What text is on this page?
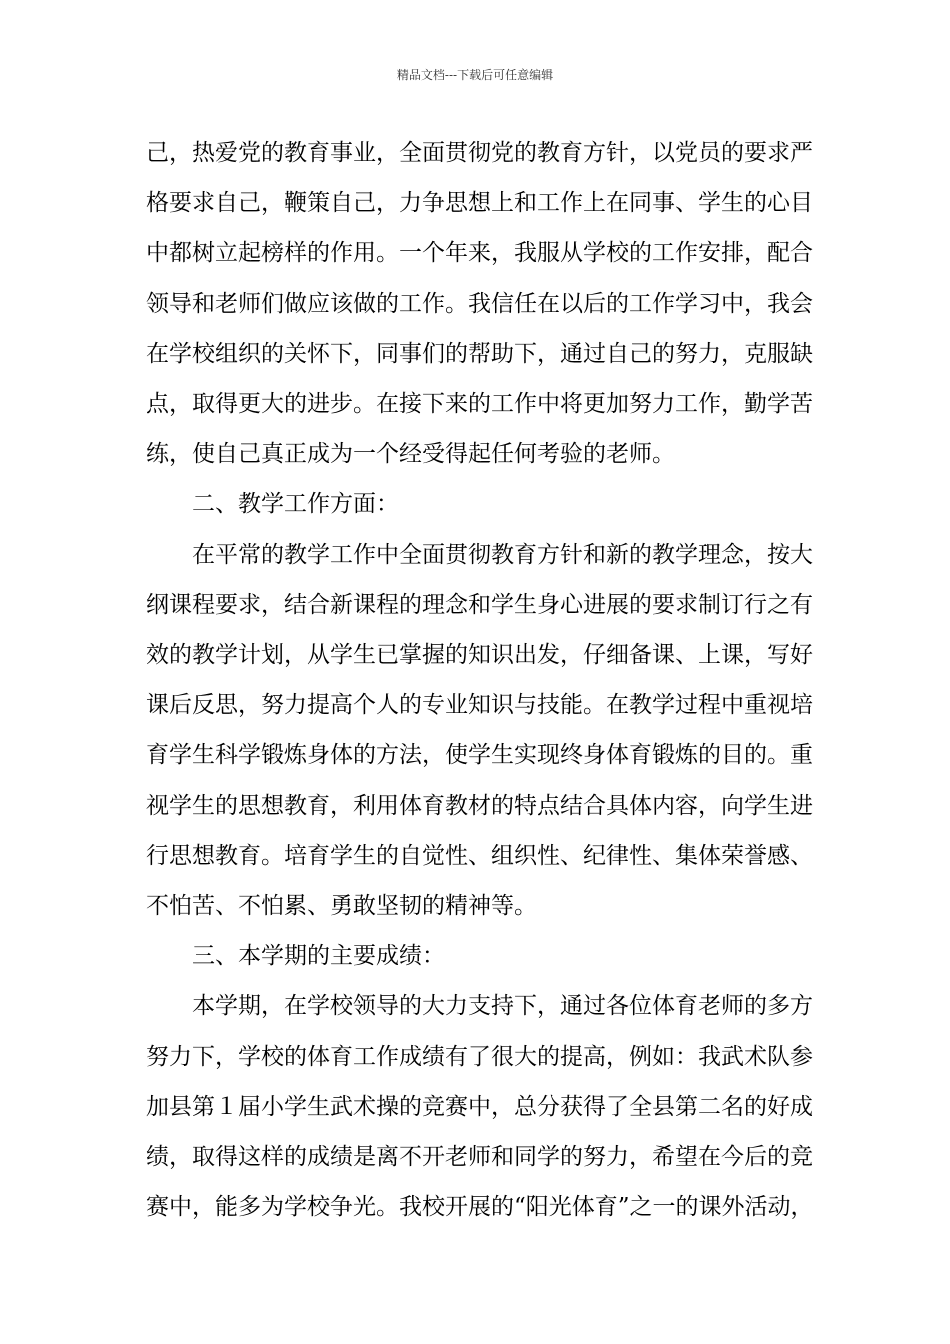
精品文档---下载后可任意编辑

己，热爱党的教育事业，全面贯彻党的教育方针，以党员的要求严

格要求自己，鞭策自己，力争思想上和工作上在同事、学生的心目

中都树立起榜样的作用。一个年来，我服从学校的工作安排，配合

领导和老师们做应该做的工作。我信任在以后的工作学习中，我会

在学校组织的关怀下，同事们的帮助下，通过自己的努力，克服缺

点，取得更大的进步。在接下来的工作中将更加努力工作，勤学苦

练，使自己真正成为一个经受得起任何考验的老师。

二、教学工作方面：

在平常的教学工作中全面贯彻教育方针和新的教学理念，按大

纲课程要求，结合新课程的理念和学生身心进展的要求制订行之有

效的教学计划，从学生已掌握的知识出发，仔细备课、上课，写好

课后反思，努力提高个人的专业知识与技能。在教学过程中重视培

育学生科学锻炼身体的方法，使学生实现终身体育锻炼的目的。重

视学生的思想教育，利用体育教材的特点结合具体内容，向学生进

行思想教育。培育学生的自觉性、组织性、纪律性、集体荣誉感、

不怕苦、不怕累、勇敢坚韧的精神等。

三、本学期的主要成绩：

本学期，在学校领导的大力支持下，通过各位体育老师的多方

努力下，学校的体育工作成绩有了很大的提高，例如：我武术队参

加县第１届小学生武术操的竞赛中，总分获得了全县第二名的好成

绩，取得这样的成绩是离不开老师和同学的努力，希望在今后的竞

赛中，能多为学校争光。我校开展的“阳光体育”之一的课外活动，
